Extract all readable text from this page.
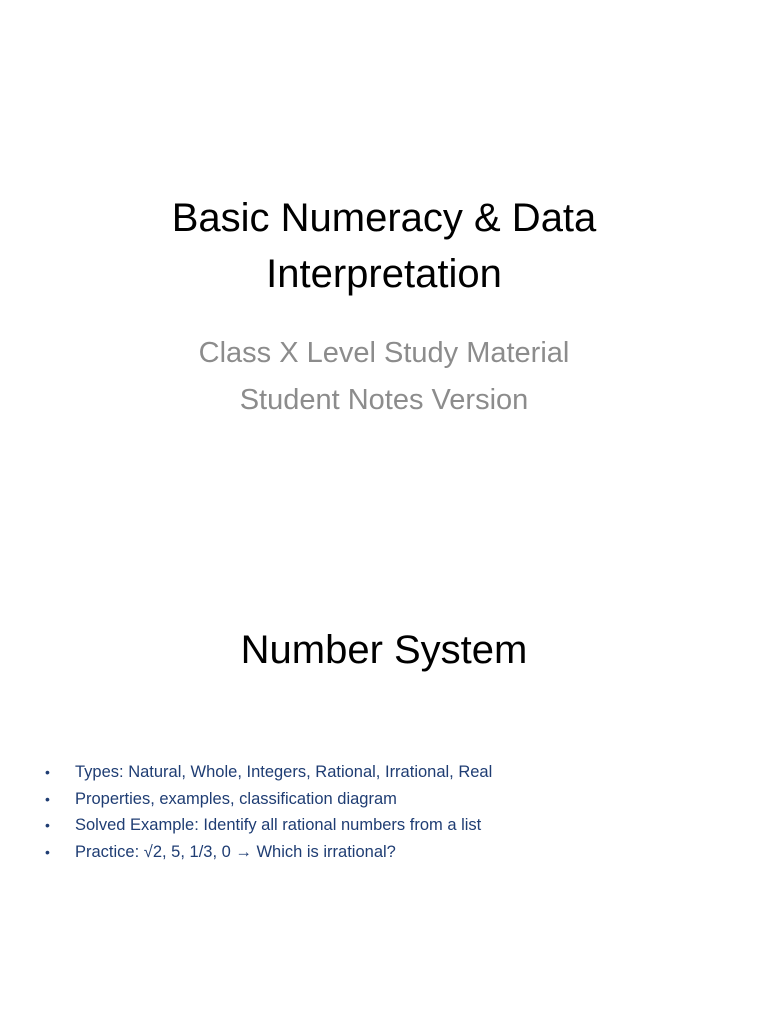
Basic Numeracy & Data
Interpretation
Class X Level Study Material
Student Notes Version
Number System
• Types: Natural, Whole, Integers, Rational, Irrational, Real
• Properties, examples, classification diagram
• Solved Example: Identify all rational numbers from a list
• Practice: √2, 5, 1/3, 0 → Which is irrational?
